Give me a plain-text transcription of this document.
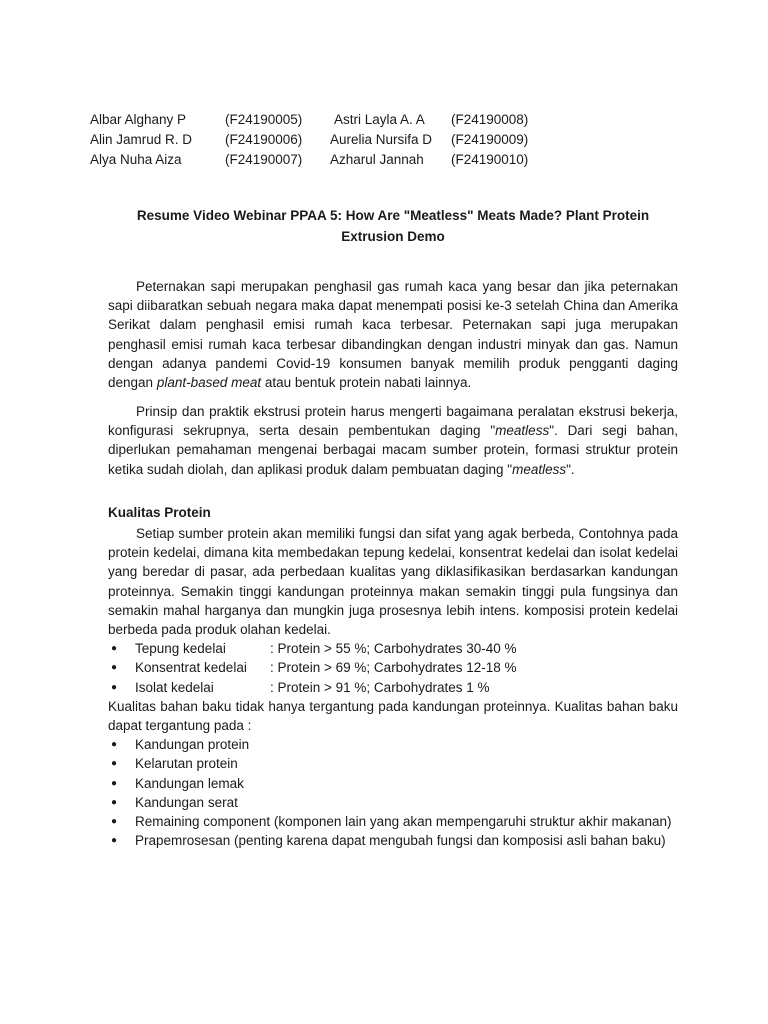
Albar Alghany P	(F24190005) Astri Layla A. A (F24190008)
Alin Jamrud R. D (F24190006) Aurelia Nursifa D (F24190009)
Alya Nuha Aiza	(F24190007) Azharul Jannah (F24190010)
Resume Video Webinar PPAA 5: How Are "Meatless" Meats Made? Plant Protein
Extrusion Demo

Peternakan sapi merupakan penghasil gas rumah kaca yang besar dan jika peternakan sapi diibaratkan sebuah negara maka dapat menempati posisi ke-3 setelah China dan Amerika Serikat dalam penghasil emisi rumah kaca terbesar. Peternakan sapi juga merupakan penghasil emisi rumah kaca terbesar dibandingkan dengan industri minyak dan gas. Namun dengan adanya pandemi Covid-19 konsumen banyak memilih produk pengganti daging dengan plant-based meat atau bentuk protein nabati lainnya.

Prinsip dan praktik ekstrusi protein harus mengerti bagaimana peralatan ekstrusi bekerja, konfigurasi sekrupnya, serta desain pembentukan daging "meatless". Dari segi bahan, diperlukan pemahaman mengenai berbagai macam sumber protein, formasi struktur protein ketika sudah diolah, dan aplikasi produk dalam pembuatan daging "meatless".

Kualitas Protein

Setiap sumber protein akan memiliki fungsi dan sifat yang agak berbeda, Contohnya pada protein kedelai, dimana kita membedakan tepung kedelai, konsentrat kedelai dan isolat kedelai yang beredar di pasar, ada perbedaan kualitas yang diklasifikasikan berdasarkan kandungan proteinnya. Semakin tinggi kandungan proteinnya makan semakin tinggi pula fungsinya dan semakin mahal harganya dan mungkin juga prosesnya lebih intens. komposisi protein kedelai berbeda pada produk olahan kedelai.

● Tepung kedelai	: Protein > 55 %; Carbohydrates 30-40 %
● Konsentrat kedelai : Protein > 69 %; Carbohydrates 12-18 %
● Isolat kedelai	: Protein > 91 %; Carbohydrates 1 %

Kualitas bahan baku tidak hanya tergantung pada kandungan proteinnya. Kualitas bahan baku dapat tergantung pada :

● Kandungan protein
● Kelarutan protein
● Kandungan lemak
● Kandungan serat
● Remaining component (komponen lain yang akan mempengaruhi struktur akhir makanan)
● Prapemrosesan (penting karena dapat mengubah fungsi dan komposisi asli bahan baku)
